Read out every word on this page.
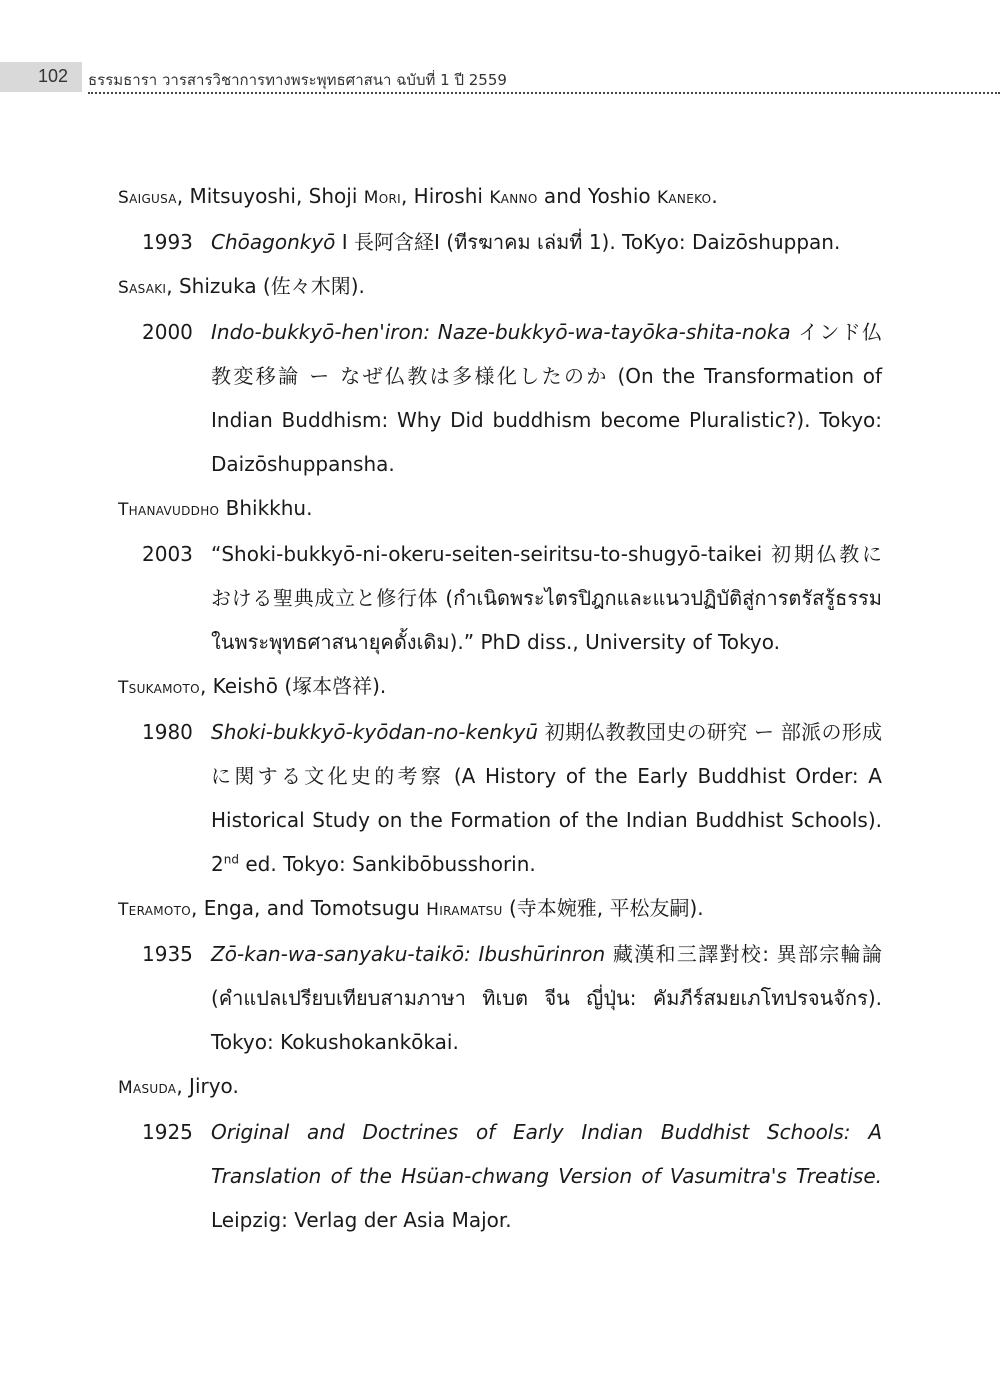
102 ธรรมธารา วารสารวิชาการทางพระพุทธศาสนา ฉบับที่ 1 ปี 2559

Saigusa, Mitsuyoshi, Shoji Mori, Hiroshi Kanno and Yoshio Kaneko.

1993 Chōagonkyō I 長阿含経I (ทีรฆาคม เล่มที่ 1). ToKyo: Daizōshuppan.

Sasaki, Shizuka (佐々木閑).

2000 Indo-bukkyō-hen'iron: Naze-bukkyō-wa-tayōka-shita-noka インド仏教変移論 ー なぜ仏教は多様化したのか (On the Transformation of Indian Buddhism: Why Did buddhism become Pluralistic?). Tokyo: Daizōshuppansha.

Thanavuddho Bhikkhu.

2003 “Shoki-bukkyō-ni-okeru-seiten-seiritsu-to-shugyō-taikei 初期仏教における聖典成立と修行体 (กำเนิดพระไตรปิฎกและแนวปฏิบัติสู่การตรัสรู้ธรรมในพระพุทธศาสนายุคดั้งเดิม).” PhD diss., University of Tokyo.

Tsukamoto, Keishō (塚本啓祥).

1980 Shoki-bukkyō-kyōdan-no-kenkyū 初期仏教教団史の研究 ー 部派の形成に関する文化史的考察 (A History of the Early Buddhist Order: A Historical Study on the Formation of the Indian Buddhist Schools). 2nd ed. Tokyo: Sankibōbusshorin.

Teramoto, Enga, and Tomotsugu Hiramatsu (寺本婉雅, 平松友嗣).

1935 Zō-kan-wa-sanyaku-taikō: Ibushūrinron 藏漢和三譯對校: 異部宗輪論 (คำแปลเปรียบเทียบสามภาษา ทิเบต จีน ญี่ปุ่น: คัมภีร์สมยเภโทปรจนจักร). Tokyo: Kokushokankōkai.

Masuda, Jiryo.

1925 Original and Doctrines of Early Indian Buddhist Schools: A Translation of the Hsüan-chwang Version of Vasumitra's Treatise. Leipzig: Verlag der Asia Major.
